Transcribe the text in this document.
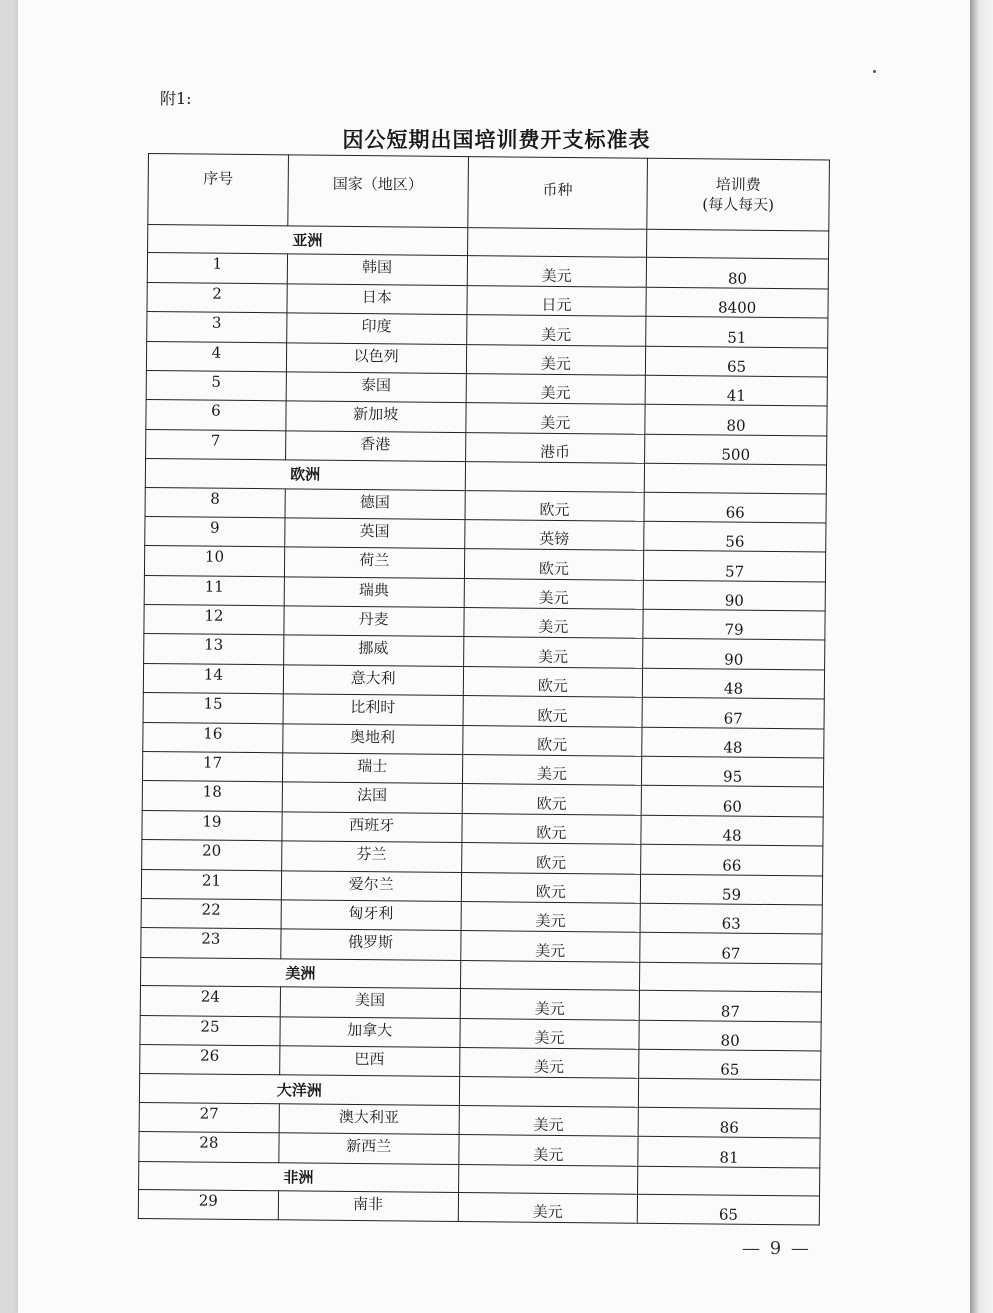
附1:
因公短期出国培训费开支标准表
序号	国家（地区）	币种	培训费
(每人每天)

亚洲			
1	韩国	美元	80
2	日本	日元	8400
3	印度	美元	51
4	以色列	美元	65
5	泰国	美元	41
6	新加坡	美元	80
7	香港	港币	500
欧洲			
8	德国	欧元	66
9	英国	英镑	56
10	荷兰	欧元	57
11	瑞典	美元	90
12	丹麦	美元	79
13	挪威	美元	90
14	意大利	欧元	48
15	比利时	欧元	67
16	奥地利	欧元	48
17	瑞士	美元	95
18	法国	欧元	60
19	西班牙	欧元	48
20	芬兰	欧元	66
21	爱尔兰	欧元	59
22	匈牙利	美元	63
23	俄罗斯	美元	67
美洲			
24	美国	美元	87
25	加拿大	美元	80
26	巴西	美元	65
大洋洲			
27	澳大利亚	美元	86
28	新西兰	美元	81
非洲			
29	南非	美元	65
— 9 —
